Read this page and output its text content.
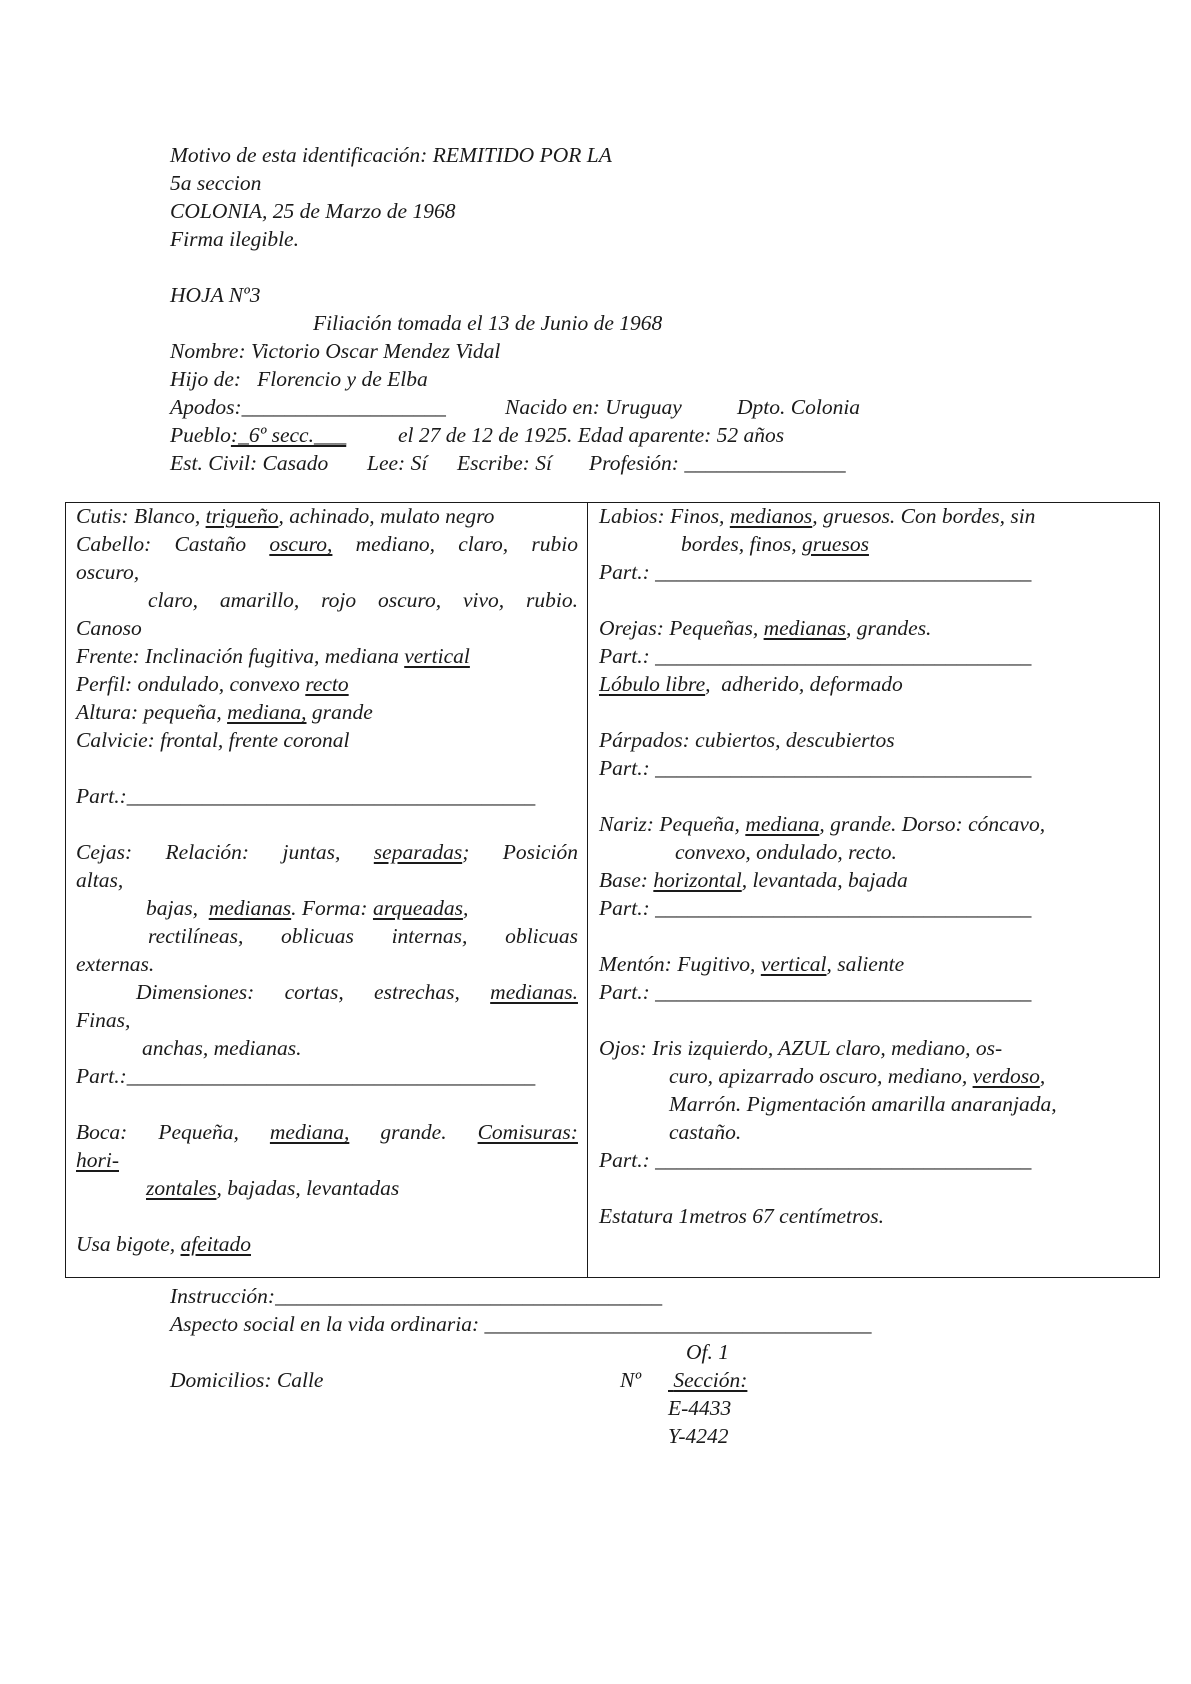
Motivo de esta identificación: REMITIDO POR LA
5a seccion
COLONIA, 25 de Marzo de 1968
Firma ilegible.
HOJA Nº3
Filiación tomada el 13 de Junio de 1968
Nombre: Victorio Oscar Mendez Vidal
Hijo de:   Florencio y de Elba
Apodos:___________________	Nacido en: Uruguay	Dpto. Colonia
Pueblo:_6º secc.___ el 27 de 12 de 1925. Edad aparente: 52 años
Est. Civil: Casado Lee: Sí Escribe: Sí Profesión: _______________
Cutis: Blanco, trigueño, achinado, mulato negro
Cabello: Castaño oscuro, mediano, claro, rubio
oscuro,
claro, amarillo, rojo oscuro, vivo, rubio.
Canoso
Frente: Inclinación fugitiva, mediana vertical
Perfil: ondulado, convexo recto
Altura: pequeña, mediana, grande
Calvicie: frontal, frente coronal
Part.:______________________________________
Cejas: Relación: juntas, separadas; Posición
altas,
bajas,  medianas. Forma: arqueadas,
rectilíneas, oblicuas internas, oblicuas
externas.
Dimensiones: cortas, estrechas, medianas.
Finas,
anchas, medianas.
Part.:______________________________________
Boca: Pequeña, mediana, grande. Comisuras:
hori-
zontales, bajadas, levantadas
Usa bigote, afeitado
Labios: Finos, medianos, gruesos. Con bordes, sin
bordes, finos, gruesos
Part.: ___________________________________
Orejas: Pequeñas, medianas, grandes.
Part.: ___________________________________
Lóbulo libre,  adherido, deformado
Párpados: cubiertos, descubiertos
Part.: ___________________________________
Nariz: Pequeña, mediana, grande. Dorso: cóncavo,
convexo, ondulado, recto.
Base: horizontal, levantada, bajada
Part.: ___________________________________
Mentón: Fugitivo, vertical, saliente
Part.: ___________________________________
Ojos: Iris izquierdo, AZUL claro, mediano, os-
curo, apizarrado oscuro, mediano, verdoso,
Marrón. Pigmentación amarilla anaranjada,
castaño.
Part.: ___________________________________
Estatura 1metros 67 centímetros.
Instrucción:____________________________________
Aspecto social en la vida ordinaria: ____________________________________
Of. 1
Domicilios: Calle	Nº Sección:
E-4433
Y-4242
